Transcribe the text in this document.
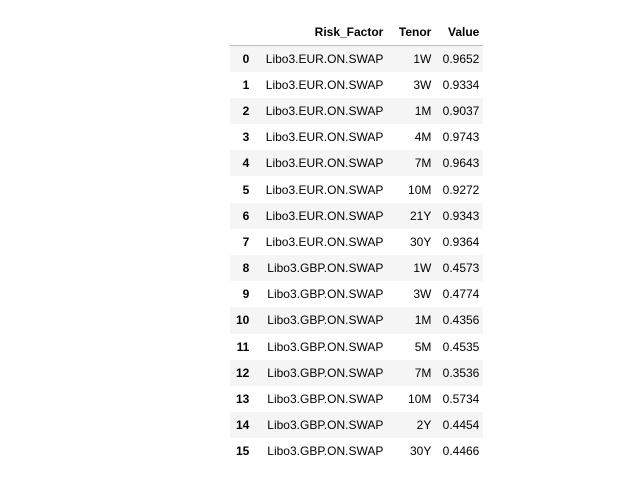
	Risk_Factor	Tenor	Value
0	Libo3.EUR.ON.SWAP	1W	0.9652
1	Libo3.EUR.ON.SWAP	3W	0.9334
2	Libo3.EUR.ON.SWAP	1M	0.9037
3	Libo3.EUR.ON.SWAP	4M	0.9743
4	Libo3.EUR.ON.SWAP	7M	0.9643
5	Libo3.EUR.ON.SWAP	10M	0.9272
6	Libo3.EUR.ON.SWAP	21Y	0.9343
7	Libo3.EUR.ON.SWAP	30Y	0.9364
8	Libo3.GBP.ON.SWAP	1W	0.4573
9	Libo3.GBP.ON.SWAP	3W	0.4774
10	Libo3.GBP.ON.SWAP	1M	0.4356
11	Libo3.GBP.ON.SWAP	5M	0.4535
12	Libo3.GBP.ON.SWAP	7M	0.3536
13	Libo3.GBP.ON.SWAP	10M	0.5734
14	Libo3.GBP.ON.SWAP	2Y	0.4454
15	Libo3.GBP.ON.SWAP	30Y	0.4466
